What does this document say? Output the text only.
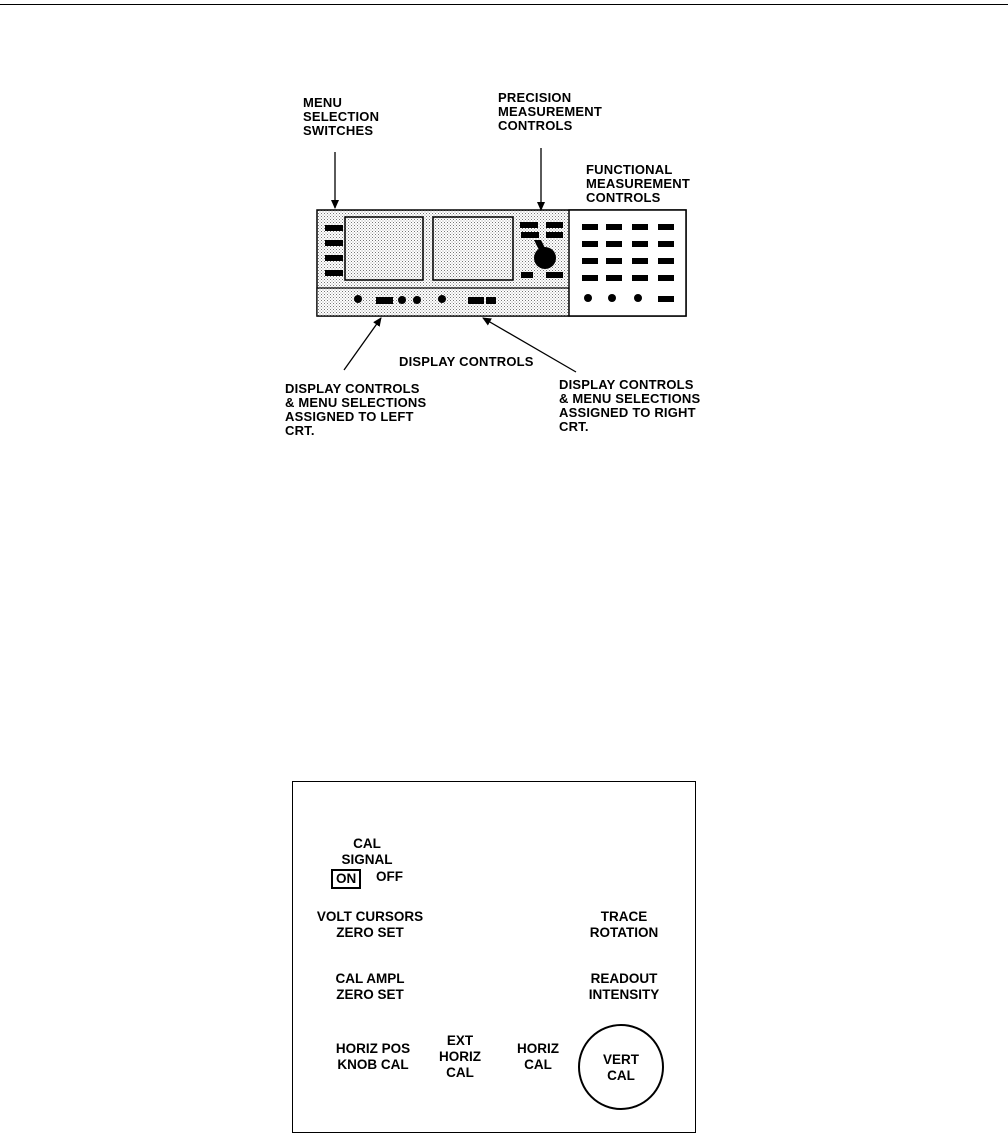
MENU
SELECTION
SWITCHES
PRECISION
MEASUREMENT
CONTROLS
FUNCTIONAL
MEASUREMENT
CONTROLS
DISPLAY CONTROLS
DISPLAY CONTROLS
& MENU SELECTIONS
ASSIGNED TO LEFT
CRT.
DISPLAY CONTROLS
& MENU SELECTIONS
ASSIGNED TO RIGHT
CRT.
CAL
SIGNAL
ON	OFF
VOLT CURSORS
ZERO SET
TRACE
ROTATION
CAL AMPL
ZERO SET
READOUT
INTENSITY
HORIZ POS
KNOB CAL
EXT
HORIZ
CAL
HORIZ
CAL	VERT
CAL
